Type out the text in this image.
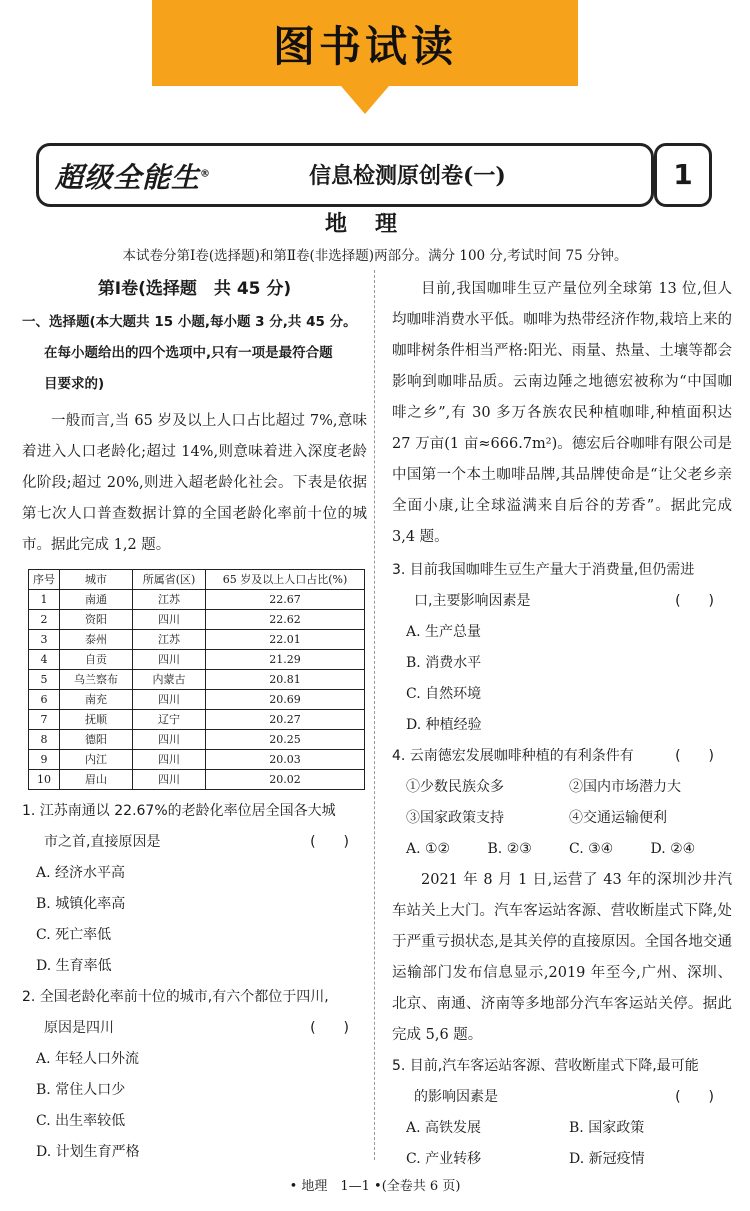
图书试读
超级全能生®	信息检测原创卷(一)	1
地理
本试卷分第Ⅰ卷(选择题)和第Ⅱ卷(非选择题)两部分。满分 100 分,考试时间 75 分钟。
第Ⅰ卷(选择题　共 45 分)

一、选择题(本大题共 15 小题,每小题 3 分,共 45 分。

在每小题给出的四个选项中,只有一项是最符合题

目要求的)

一般而言,当 65 岁及以上人口占比超过 7%,意味着进入人口老龄化;超过 14%,则意味着进入深度老龄化阶段;超过 20%,则进入超老龄化社会。下表是依据第七次人口普查数据计算的全国老龄化率前十位的城市。据此完成 1,2 题。

序号	城市	所属省(区)	65 岁及以上人口占比(%)
1	南通	江苏	22.67
2	资阳	四川	22.62
3	泰州	江苏	22.01
4	自贡	四川	21.29
5	乌兰察布	内蒙古	20.81
6	南充	四川	20.69
7	抚顺	辽宁	20.27
8	德阳	四川	20.25
9	内江	四川	20.03
10	眉山	四川	20.02

1. 江苏南通以 22.67%的老龄化率位居全国各大城

市之首,直接原因是	(　　)

A. 经济水平高

B. 城镇化率高

C. 死亡率低

D. 生育率低

2. 全国老龄化率前十位的城市,有六个都位于四川,

原因是四川	(　　)

A. 年轻人口外流

B. 常住人口少

C. 出生率较低

D. 计划生育严格

目前,我国咖啡生豆产量位列全球第 13 位,但人均咖啡消费水平低。咖啡为热带经济作物,栽培上来的咖啡树条件相当严格:阳光、雨量、热量、土壤等都会影响到咖啡品质。云南边陲之地德宏被称为“中国咖啡之乡”,有 30 多万各族农民种植咖啡,种植面积达 27 万亩(1 亩≈666.7m²)。德宏后谷咖啡有限公司是中国第一个本土咖啡品牌,其品牌使命是“让父老乡亲全面小康,让全球溢满来自后谷的芳香”。据此完成 3,4 题。

3. 目前我国咖啡生豆生产量大于消费量,但仍需进

口,主要影响因素是	(　　)

A. 生产总量

B. 消费水平

C. 自然环境

D. 种植经验

4. 云南德宏发展咖啡种植的有利条件有	(　　)

①少数民族众多	②国内市场潜力大
③国家政策支持	④交通运输便利
A. ①②	B. ②③	C. ③④	D. ②④

2021 年 8 月 1 日,运营了 43 年的深圳沙井汽车站关上大门。汽车客运站客源、营收断崖式下降,处于严重亏损状态,是其关停的直接原因。全国各地交通运输部门发布信息显示,2019 年至今,广州、深圳、北京、南通、济南等多地部分汽车客运站关停。据此完成 5,6 题。

5. 目前,汽车客运站客源、营收断崖式下降,最可能

的影响因素是	(　　)

A. 高铁发展	B. 国家政策
C. 产业转移	D. 新冠疫情
• 地理　1—1 •(全卷共 6 页)
